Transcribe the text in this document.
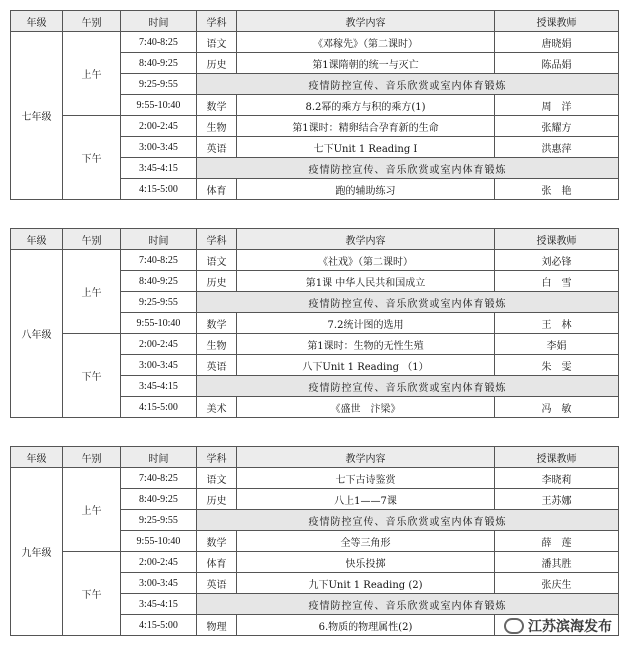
年级	午别	时间	学科	教学内容	授课教师
七年级	上午	7:40-8:25	语文	《邓稼先》（第二课时）	唐晓娟
		8:40-9:25	历史	第1课隋朝的统一与灭亡	陈品娟
		9:25-9:55	疫情防控宣传、音乐欣赏或室内体育锻炼		
		9:55-10:40	数学	8.2幂的乘方与积的乘方(1)	周　洋
	下午	2:00-2:45	生物	第1课时：精卵结合孕育新的生命	张耀方
		3:00-3:45	英语	七下Unit 1 Reading I	洪惠萍
		3:45-4:15	疫情防控宣传、音乐欣赏或室内体育锻炼		
		4:15-5:00	体育	跑的辅助练习	张　艳
年级	午别	时间	学科	教学内容	授课教师
八年级	上午	7:40-8:25	语文	《社戏》（第二课时）	刘必锋
		8:40-9:25	历史	第1课 中华人民共和国成立	白　雪
		9:25-9:55	疫情防控宣传、音乐欣赏或室内体育锻炼		
		9:55-10:40	数学	7.2统计图的选用	王　林
	下午	2:00-2:45	生物	第1课时：生物的无性生殖	李娟
		3:00-3:45	英语	八下Unit 1 Reading （1）	朱　雯
		3:45-4:15	疫情防控宣传、音乐欣赏或室内体育锻炼		
		4:15-5:00	美术	《盛世　汴梁》	冯　敏
年级	午别	时间	学科	教学内容	授课教师
九年级	上午	7:40-8:25	语文	七下古诗鉴赏	李晓莉
		8:40-9:25	历史	八上1——7课	王苏娜
		9:25-9:55	疫情防控宣传、音乐欣赏或室内体育锻炼		
		9:55-10:40	数学	全等三角形	薛　莲
	下午	2:00-2:45	体育	快乐投掷	潘其胜
		3:00-3:45	英语	九下Unit 1 Reading (2)	张庆生
		3:45-4:15	疫情防控宣传、音乐欣赏或室内体育锻炼		
		4:15-5:00	物理	6.物质的物理属性(2)		江苏滨海发布
